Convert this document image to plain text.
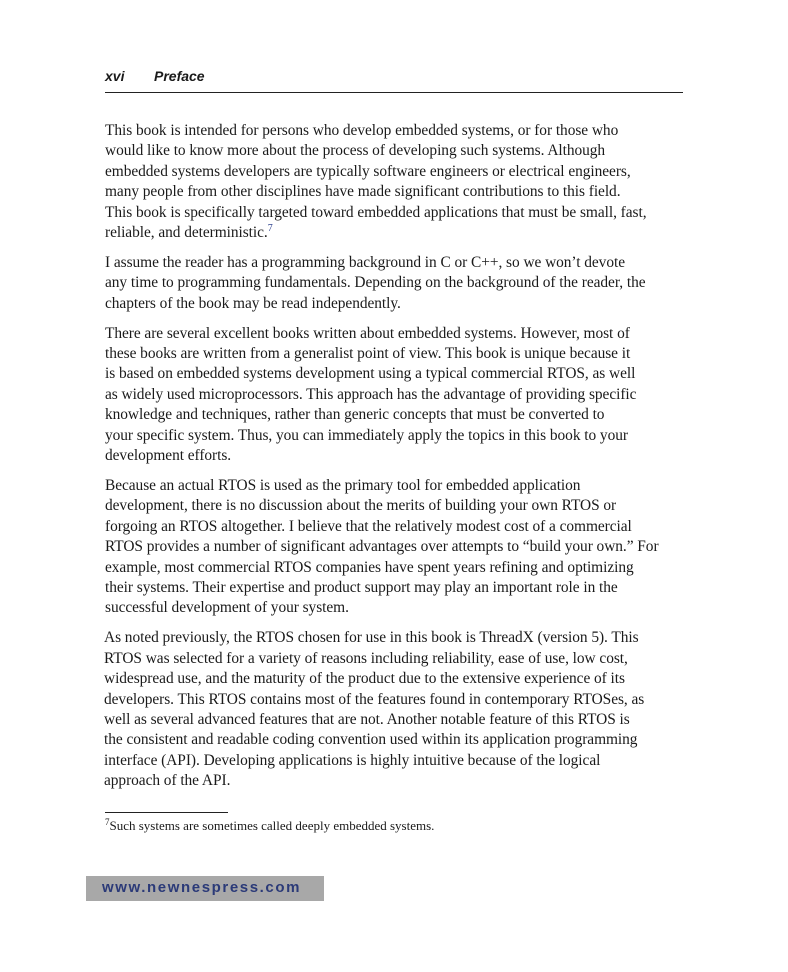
xvi Preface

This book is intended for persons who develop embedded systems, or for those who
would like to know more about the process of developing such systems. Although
embedded systems developers are typically software engineers or electrical engineers,
many people from other disciplines have made significant contributions to this field.
This book is specifically targeted toward embedded applications that must be small, fast,
reliable, and deterministic.$^7$

I assume the reader has a programming background in C or C++, so we won’t devote
any time to programming fundamentals. Depending on the background of the reader, the
chapters of the book may be read independently.

There are several excellent books written about embedded systems. However, most of
these books are written from a generalist point of view. This book is unique because it
is based on embedded systems development using a typical commercial RTOS, as well
as widely used microprocessors. This approach has the advantage of providing specific
knowledge and techniques, rather than generic concepts that must be converted to
your specific system. Thus, you can immediately apply the topics in this book to your
development efforts.

Because an actual RTOS is used as the primary tool for embedded application
development, there is no discussion about the merits of building your own RTOS or
forgoing an RTOS altogether. I believe that the relatively modest cost of a commercial
RTOS provides a number of significant advantages over attempts to “build your own.” For
example, most commercial RTOS companies have spent years refining and optimizing
their systems. Their expertise and product support may play an important role in the
successful development of your system.

As noted previously, the RTOS chosen for use in this book is ThreadX (version 5). This
RTOS was selected for a variety of reasons including reliability, ease of use, low cost,
widespread use, and the maturity of the product due to the extensive experience of its
developers. This RTOS contains most of the features found in contemporary RTOSes, as
well as several advanced features that are not. Another notable feature of this RTOS is
the consistent and readable coding convention used within its application programming
interface (API). Developing applications is highly intuitive because of the logical
approach of the API.

$^7$Such systems are sometimes called deeply embedded systems.
www.newnespress.com
